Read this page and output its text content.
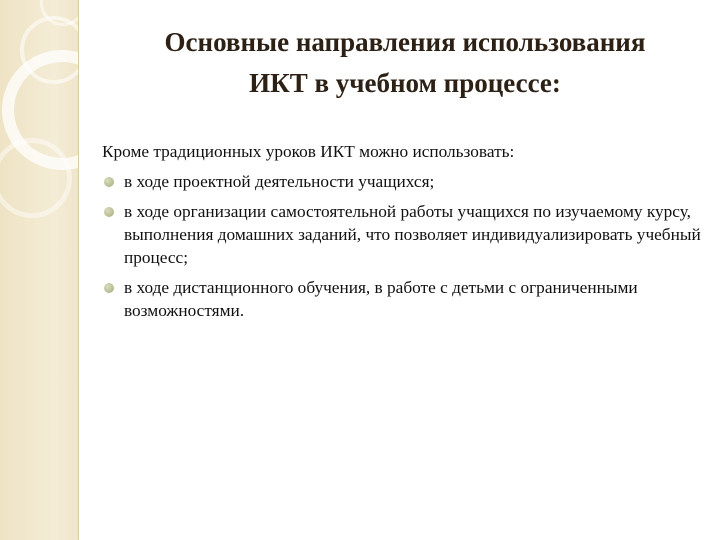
Основные направления использования
ИКТ в учебном процессе:

Кроме традиционных уроков ИКТ можно использовать:

в ходе проектной деятельности учащихся;
в ходе организации самостоятельной работы учащихся по изучаемому курсу, выполнения домашних заданий, что позволяет индивидуализировать учебный процесс;
в ходе дистанционного обучения, в работе с детьми с ограниченными возможностями.
